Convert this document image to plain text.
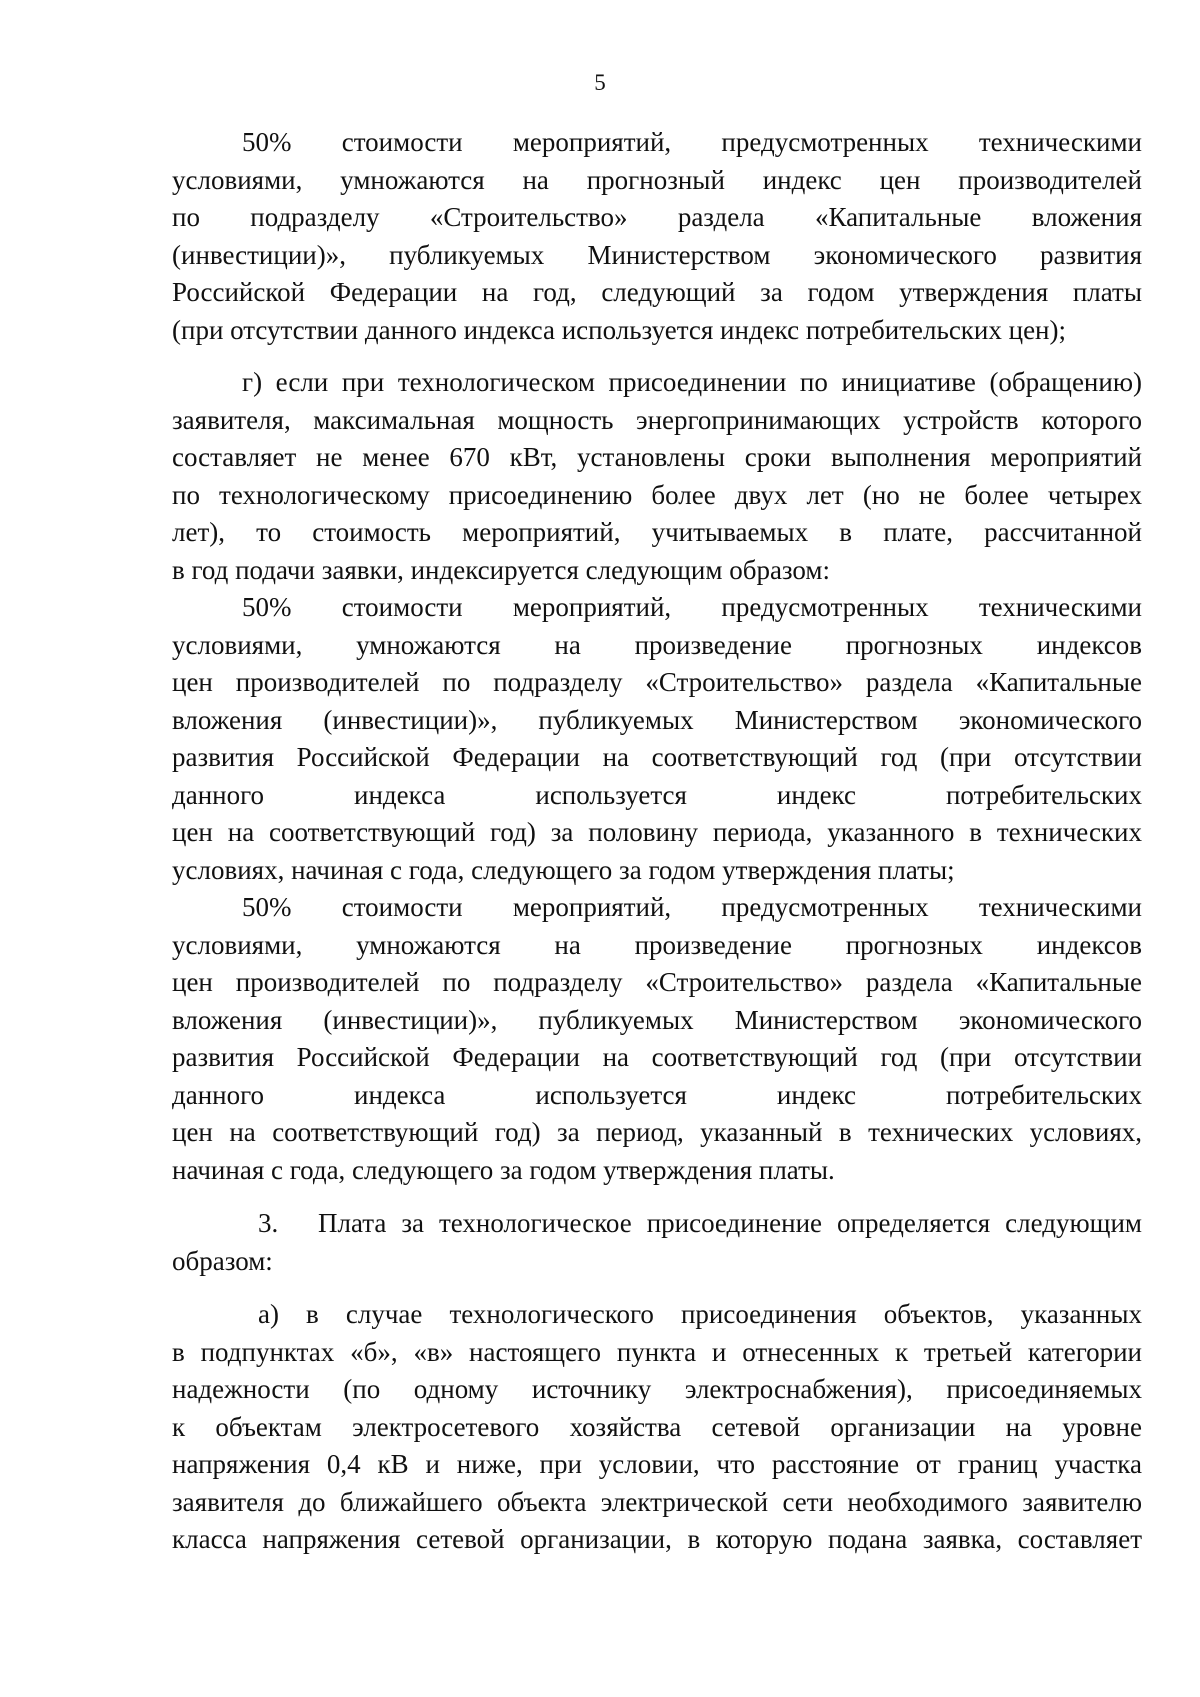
5
50% стоимости мероприятий, предусмотренных техническими
условиями, умножаются на прогнозный индекс цен производителей
по подразделу «Строительство» раздела «Капитальные вложения
(инвестиции)», публикуемых Министерством экономического развития
Российской Федерации на год, следующий за годом утверждения платы
(при отсутствии данного индекса используется индекс потребительских цен);
г) если при технологическом присоединении по инициативе (обращению)
заявителя, максимальная мощность энергопринимающих устройств которого
составляет не менее 670 кВт, установлены сроки выполнения мероприятий
по технологическому присоединению более двух лет (но не более четырех
лет), то стоимость мероприятий, учитываемых в плате, рассчитанной
в год подачи заявки, индексируется следующим образом:
50% стоимости мероприятий, предусмотренных техническими
условиями, умножаются на произведение прогнозных индексов
цен производителей по подразделу «Строительство» раздела «Капитальные
вложения (инвестиции)», публикуемых Министерством экономического
развития Российской Федерации на соответствующий год (при отсутствии
данного индекса используется индекс потребительских
цен на соответствующий год) за половину периода, указанного в технических
условиях, начиная с года, следующего за годом утверждения платы;
50% стоимости мероприятий, предусмотренных техническими
условиями, умножаются на произведение прогнозных индексов
цен производителей по подразделу «Строительство» раздела «Капитальные
вложения (инвестиции)», публикуемых Министерством экономического
развития Российской Федерации на соответствующий год (при отсутствии
данного индекса используется индекс потребительских
цен на соответствующий год) за период, указанный в технических условиях,
начиная с года, следующего за годом утверждения платы.
3. Плата за технологическое присоединение определяется следующим
образом:
а) в случае технологического присоединения объектов, указанных
в подпунктах «б», «в» настоящего пункта и отнесенных к третьей категории
надежности (по одному источнику электроснабжения), присоединяемых
к объектам электросетевого хозяйства сетевой организации на уровне
напряжения 0,4 кВ и ниже, при условии, что расстояние от границ участка
заявителя до ближайшего объекта электрической сети необходимого заявителю
класса напряжения сетевой организации, в которую подана заявка, составляет
